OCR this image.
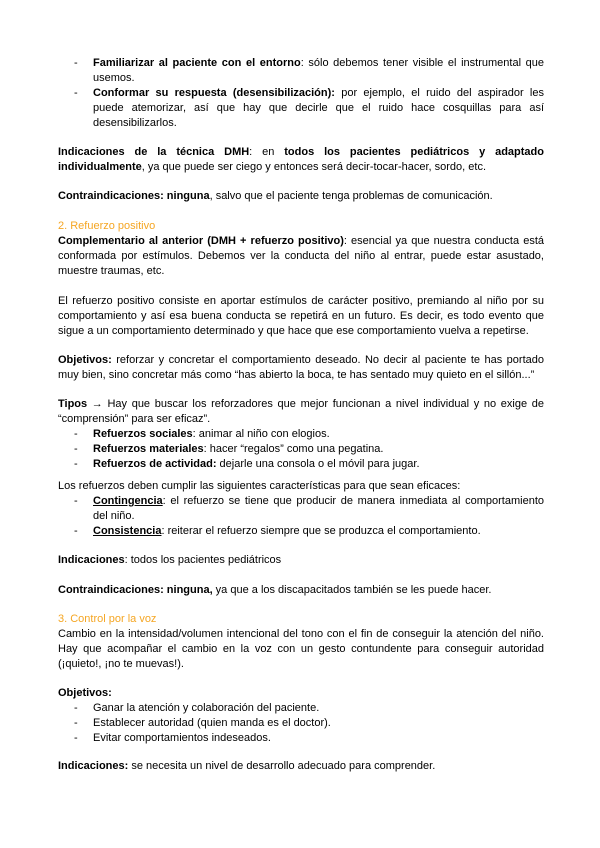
- Familiarizar al paciente con el entorno: sólo debemos tener visible el instrumental que usemos.

- Conformar su respuesta (desensibilización): por ejemplo, el ruido del aspirador les puede atemorizar, así que hay que decirle que el ruido hace cosquillas para así desensibilizarlos.

Indicaciones de la técnica DMH: en todos los pacientes pediátricos y adaptado individualmente, ya que puede ser ciego y entonces será decir-tocar-hacer, sordo, etc.

Contraindicaciones: ninguna, salvo que el paciente tenga problemas de comunicación.

2. Refuerzo positivo

Complementario al anterior (DMH + refuerzo positivo): esencial ya que nuestra conducta está conformada por estímulos. Debemos ver la conducta del niño al entrar, puede estar asustado, muestre traumas, etc.

El refuerzo positivo consiste en aportar estímulos de carácter positivo, premiando al niño por su comportamiento y así esa buena conducta se repetirá en un futuro. Es decir, es todo evento que sigue a un comportamiento determinado y que hace que ese comportamiento vuelva a repetirse.

Objetivos: reforzar y concretar el comportamiento deseado. No decir al paciente te has portado muy bien, sino concretar más como “has abierto la boca, te has sentado muy quieto en el sillón...”

Tipos → Hay que buscar los reforzadores que mejor funcionan a nivel individual y no exige de “comprensión” para ser eficaz”.

- Refuerzos sociales: animar al niño con elogios.

- Refuerzos materiales: hacer “regalos” como una pegatina.

- Refuerzos de actividad: dejarle una consola o el móvil para jugar.

Los refuerzos deben cumplir las siguientes características para que sean eficaces:

- Contingencia: el refuerzo se tiene que producir de manera inmediata al comportamiento del niño.

- Consistencia: reiterar el refuerzo siempre que se produzca el comportamiento.

Indicaciones: todos los pacientes pediátricos

Contraindicaciones: ninguna, ya que a los discapacitados también se les puede hacer.

3. Control por la voz

Cambio en la intensidad/volumen intencional del tono con el fin de conseguir la atención del niño. Hay que acompañar el cambio en la voz con un gesto contundente para conseguir autoridad (¡quieto!, ¡no te muevas!).

Objetivos:

- Ganar la atención y colaboración del paciente.

- Establecer autoridad (quien manda es el doctor).

- Evitar comportamientos indeseados.

Indicaciones: se necesita un nivel de desarrollo adecuado para comprender.
